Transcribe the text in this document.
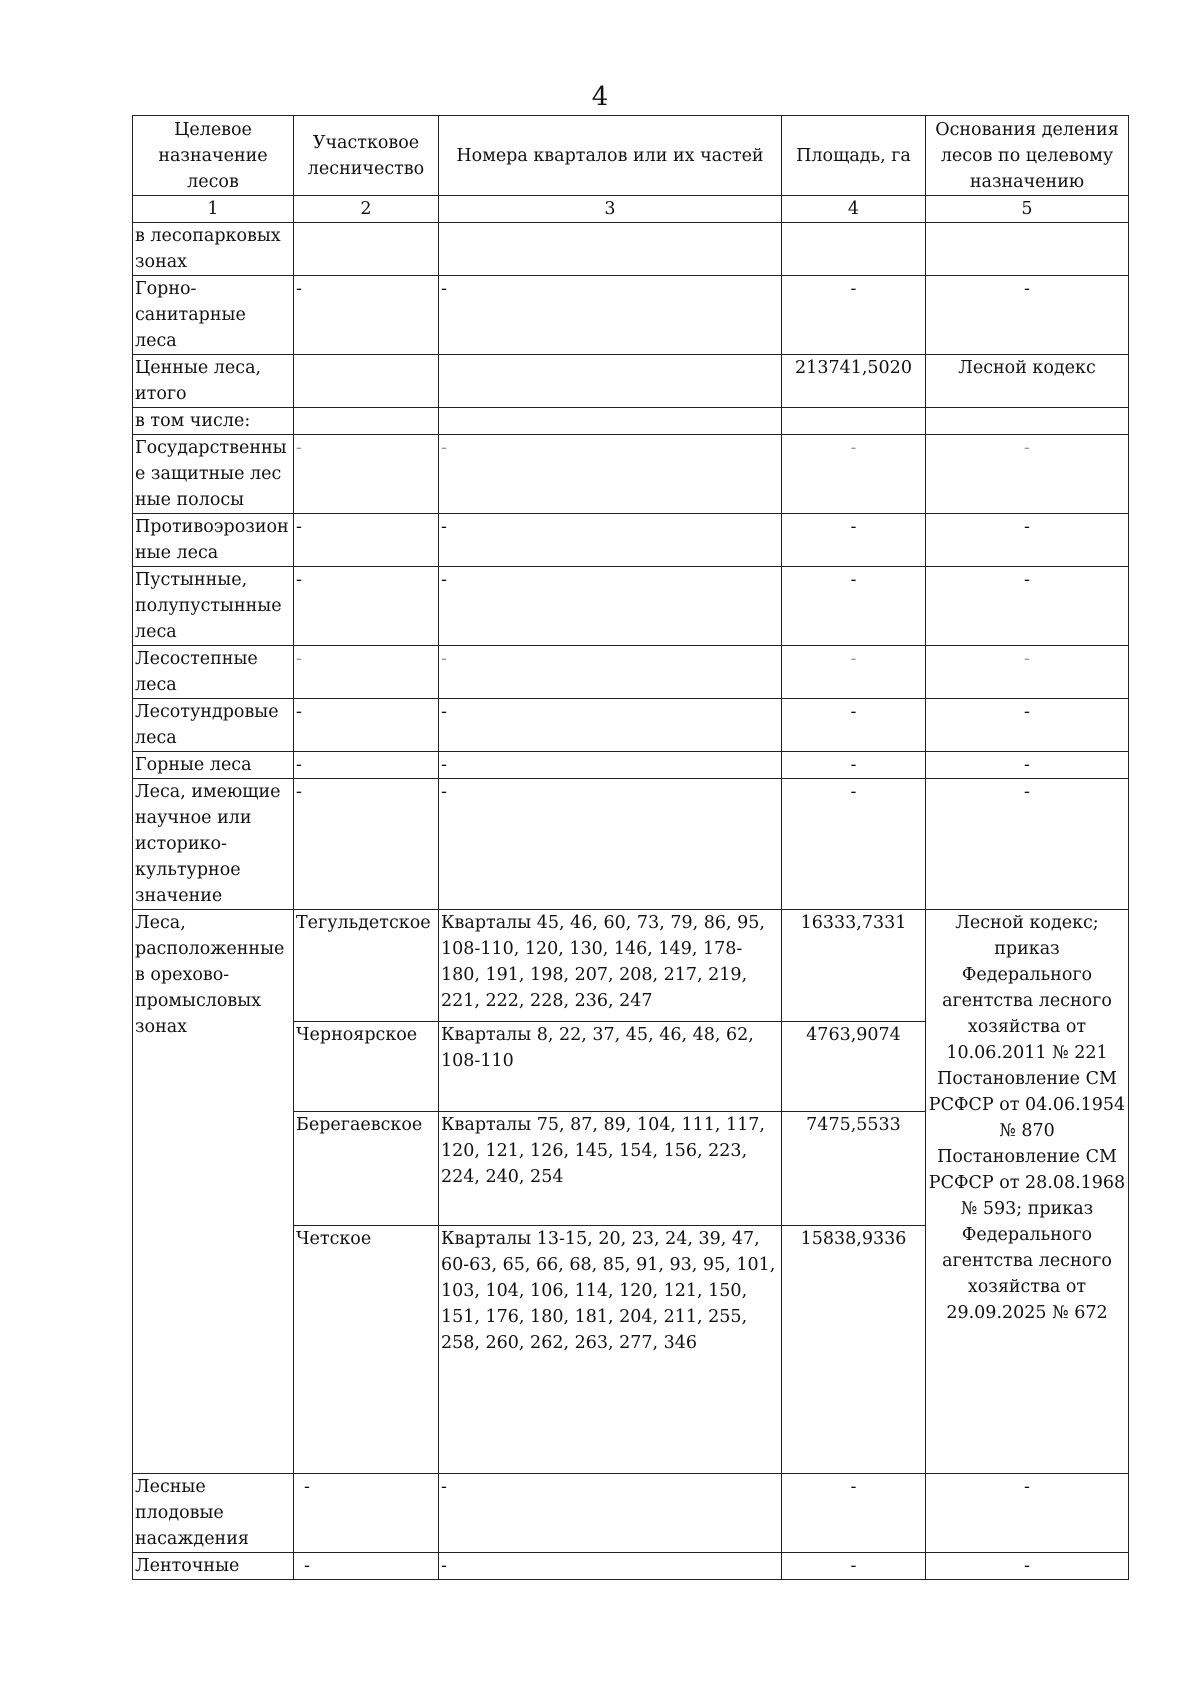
4
Целевое назначение лесов	Участковое лесничество	Номера кварталов или их частей	Площадь, га	Основания деления лесов по целевому назначению
1	2	3	4	5
в лесопарковых зонах				
Горно-санитарные леса	-	-	-	-
Ценные леса, итого			213741,5020	Лесной кодекс
в том числе:				
Государственные защитные лесные полосы	-	-	-	-
Противоэрозионные леса	-	-	-	-
Пустынные, полупустынные леса	-	-	-	-
Лесостепные леса	-	-	-	-
Лесотундровые леса	-	-	-	-
Горные леса	-	-	-	-
Леса, имеющие научное или историко-культурное значение	-	-	-	-
Леса, расположенные в орехово-промысловых зонах	Тегульдетское	Кварталы 45, 46, 60, 73, 79, 86, 95, 108-110, 120, 130, 146, 149, 178-180, 191, 198, 207, 208, 217, 219, 221, 222, 228, 236, 247	16333,7331	Лесной кодекс; приказ Федерального агентства лесного хозяйства от 10.06.2011 № 221 Постановление СМ РСФСР от 04.06.1954 № 870 Постановление СМ РСФСР от 28.08.1968 № 593; приказ Федерального агентства лесного хозяйства от 29.09.2025 № 672
	Черноярское	Кварталы 8, 22, 37, 45, 46, 48, 62, 108-110	4763,9074	
	Берегаевское	Кварталы 75, 87, 89, 104, 111, 117, 120, 121, 126, 145, 154, 156, 223, 224, 240, 254	7475,5533	
	Четское	Кварталы 13-15, 20, 23, 24, 39, 47, 60-63, 65, 66, 68, 85, 91, 93, 95, 101, 103, 104, 106, 114, 120, 121, 150, 151, 176, 180, 181, 204, 211, 255, 258, 260, 262, 263, 277, 346	15838,9336	
Лесные плодовые насаждения	-	-	-	-
Ленточные	-	-	-	-
